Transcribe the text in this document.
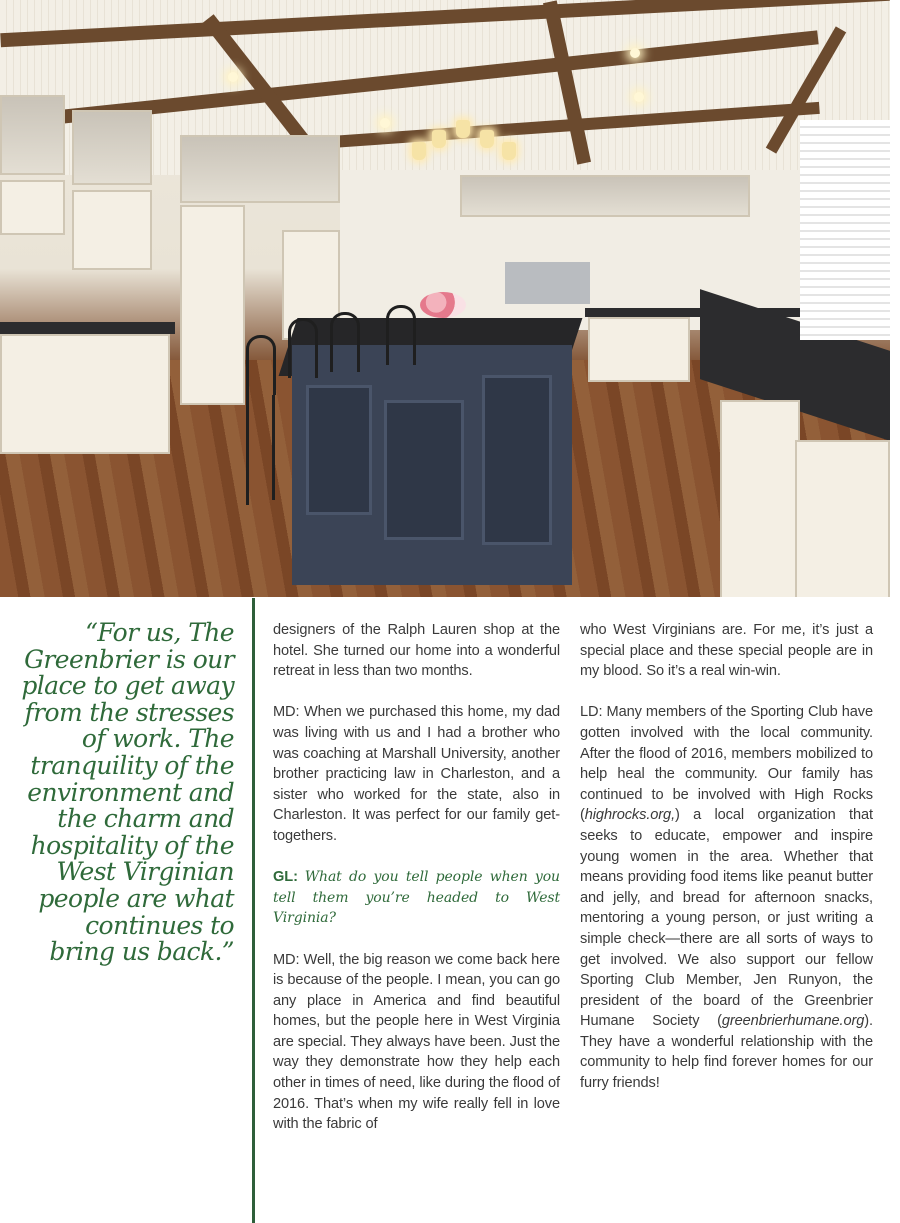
“For us, The Greenbrier is our place to get away from the stresses of work. The tranquility of the environment and the charm and hospitality of the West Virginian people are what continues to bring us back.”

designers of the Ralph Lauren shop at the hotel. She turned our home into a wonderful retreat in less than two months.

MD: When we purchased this home, my dad was living with us and I had a brother who was coaching at Marshall University, another brother practicing law in Charleston, and a sister who worked for the state, also in Charleston. It was perfect for our family get-togethers.

GL: What do you tell people when you tell them you’re headed to West Virginia?

MD: Well, the big reason we come back here is because of the people. I mean, you can go any place in America and find beautiful homes, but the people here in West Virginia are special. They always have been. Just the way they demonstrate how they help each other in times of need, like during the flood of 2016. That’s when my wife really fell in love with the fabric of

who West Virginians are. For me, it’s just a special place and these special people are in my blood. So it’s a real win-win.

LD: Many members of the Sporting Club have gotten involved with the local community. After the flood of 2016, members mobilized to help heal the community. Our family has continued to be involved with High Rocks (highrocks.org,) a local organization that seeks to educate, empower and inspire young women in the area. Whether that means providing food items like peanut butter and jelly, and bread for afternoon snacks, mentoring a young person, or just writing a simple check—there are all sorts of ways to get involved. We also support our fellow Sporting Club Member, Jen Runyon, the president of the board of the Greenbrier Humane Society (greenbrierhumane.org). They have a wonderful relationship with the community to help find forever homes for our furry friends!
